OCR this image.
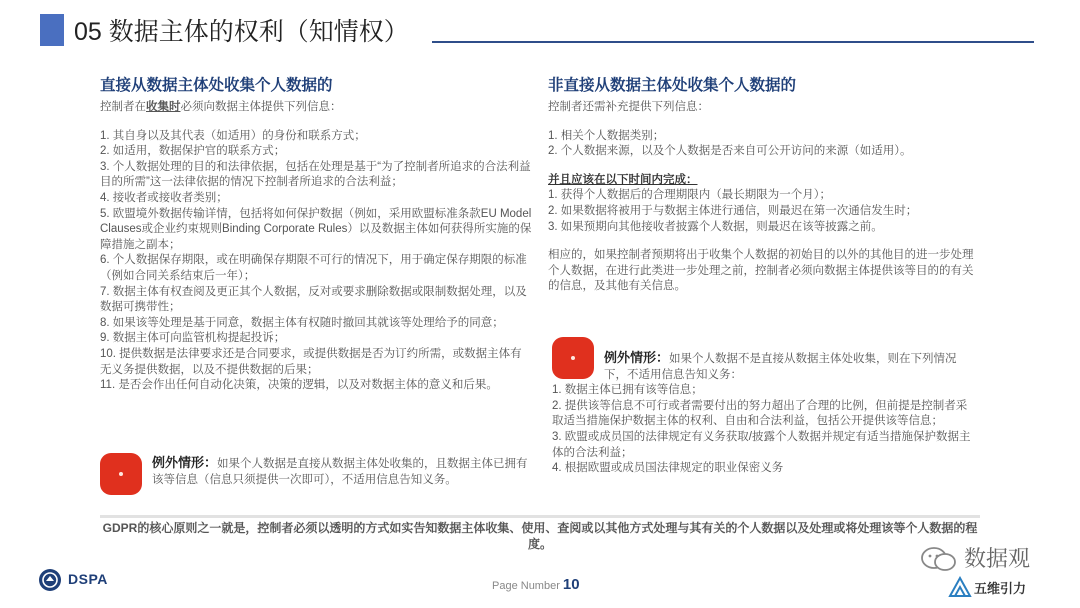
05 数据主体的权利（知情权）
直接从数据主体处收集个人数据的

控制者在收集时必须向数据主体提供下列信息：

1. 其自身以及其代表（如适用）的身份和联系方式；
2. 如适用，数据保护官的联系方式；
3. 个人数据处理的目的和法律依据，包括在处理是基于“为了控制者所追求的合法利益目的所需”这一法律依据的情况下控制者所追求的合法利益；
4. 接收者或接收者类别；
5. 欧盟境外数据传输详情，包括将如何保护数据（例如，采用欧盟标准条款EU Model Clauses或企业约束规则Binding Corporate Rules）以及数据主体如何获得所实施的保障措施之副本；
6. 个人数据保存期限，或在明确保存期限不可行的情况下，用于确定保存期限的标准（例如合同关系结束后一年）；
7. 数据主体有权查阅及更正其个人数据，反对或要求删除数据或限制数据处理，以及数据可携带性；
8. 如果该等处理是基于同意，数据主体有权随时撤回其就该等处理给予的同意；
9. 数据主体可向监管机构提起投诉；
10. 提供数据是法律要求还是合同要求，或提供数据是否为订约所需，或数据主体有无义务提供数据，以及不提供数据的后果；
11. 是否会作出任何自动化决策，决策的逻辑，以及对数据主体的意义和后果。
例外情形：如果个人数据是直接从数据主体处收集的，且数据主体已拥有该等信息（信息只须提供一次即可），不适用信息告知义务。
非直接从数据主体处收集个人数据的

控制者还需补充提供下列信息：

1. 相关个人数据类别；
2. 个人数据来源，以及个人数据是否来自可公开访问的来源（如适用）。

并且应该在以下时间内完成：

1. 获得个人数据后的合理期限内（最长期限为一个月）；
2. 如果数据将被用于与数据主体进行通信，则最迟在第一次通信发生时；
3. 如果预期向其他接收者披露个人数据，则最迟在该等披露之前。

相应的，如果控制者预期将出于收集个人数据的初始目的以外的其他目的进一步处理个人数据，在进行此类进一步处理之前，控制者必须向数据主体提供该等目的的有关的信息，及其他有关信息。

例外情形：如果个人数据不是直接从数据主体处收集，则在下列情况下，不适用信息告知义务：
1. 数据主体已拥有该等信息；
2. 提供该等信息不可行或者需要付出的努力超出了合理的比例，但前提是控制者采取适当措施保护数据主体的权利、自由和合法利益，包括公开提供该等信息；
3. 欧盟或成员国的法律规定有义务获取/披露个人数据并规定有适当措施保护数据主体的合法利益；
4. 根据欧盟或成员国法律规定的职业保密义务
GDPR的核心原则之一就是，控制者必须以透明的方式如实告知数据主体收集、使用、查阅或以其他方式处理与其有关的个人数据以及处理或将处理该等个人数据的程度。
DSPA	Page Number 10
数据观
五维引力
